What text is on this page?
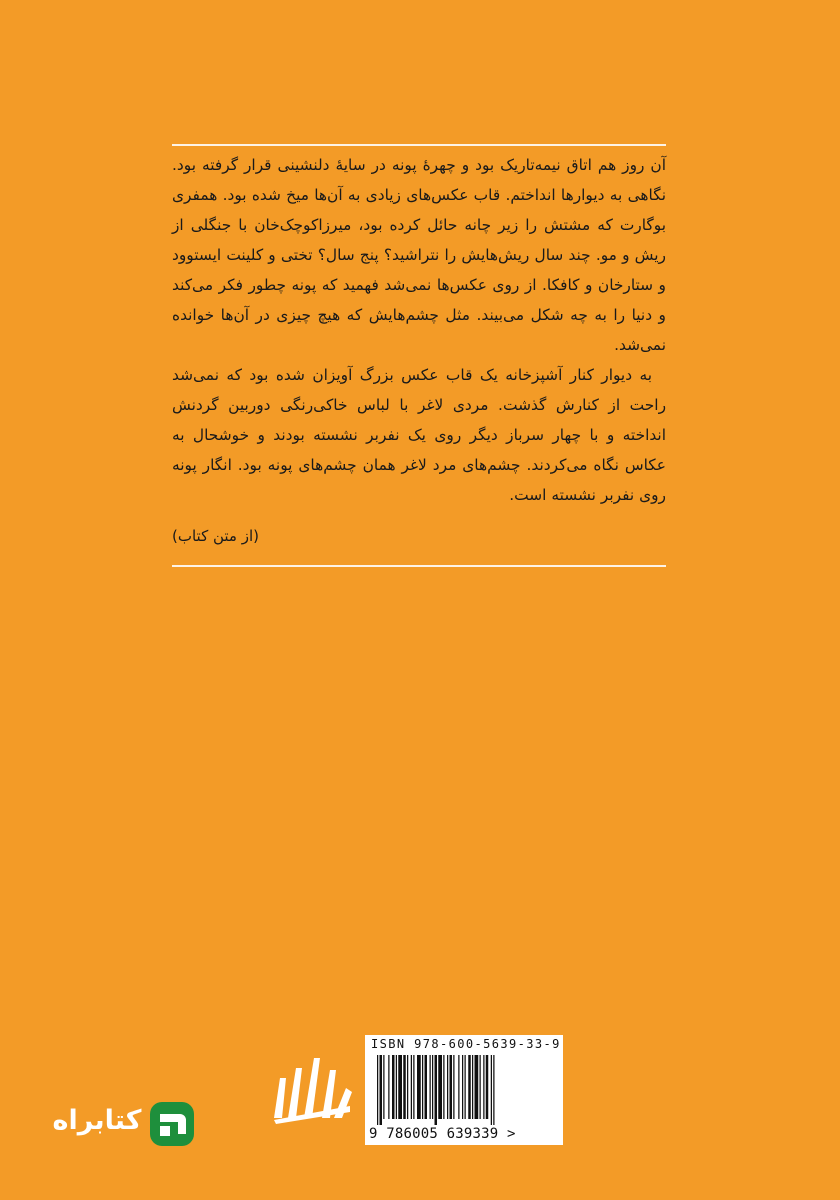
آن روز هم اتاق نیمه‌تاریک بود و چهرهٔ پونه در سایهٔ دلنشینی قرار گرفته بود. نگاهی به دیوارها انداختم. قاب عکس‌های زیادی به آن‌ها میخ شده بود. همفری بوگارت که مشتش را زیر چانه حائل کرده بود، میرزاکوچک‌خان با جنگلی از ریش و مو. چند سال ریش‌هایش را نتراشید؟ پنج سال؟ تختی و کلینت ایستوود و ستارخان و کافکا. از روی عکس‌ها نمی‌شد فهمید که پونه چطور فکر می‌کند و دنیا را به چه شکل می‌بیند. مثل چشم‌هایش که هیچ چیزی در آن‌ها خوانده نمی‌شد.

به دیوار کنار آشپزخانه یک قاب عکس بزرگ آویزان شده بود که نمی‌شد راحت از کنارش گذشت. مردی لاغر با لباس خاکی‌رنگی دوربین گردنش انداخته و با چهار سرباز دیگر روی یک نفربر نشسته بودند و خوشحال به عکاس نگاه می‌کردند. چشم‌های مرد لاغر همان چشم‌های پونه بود. انگار پونه روی نفربر نشسته است.

(از متن کتاب)
کتابراه
ISBN 978-600-5639-33-9
9 786005 639339 >
